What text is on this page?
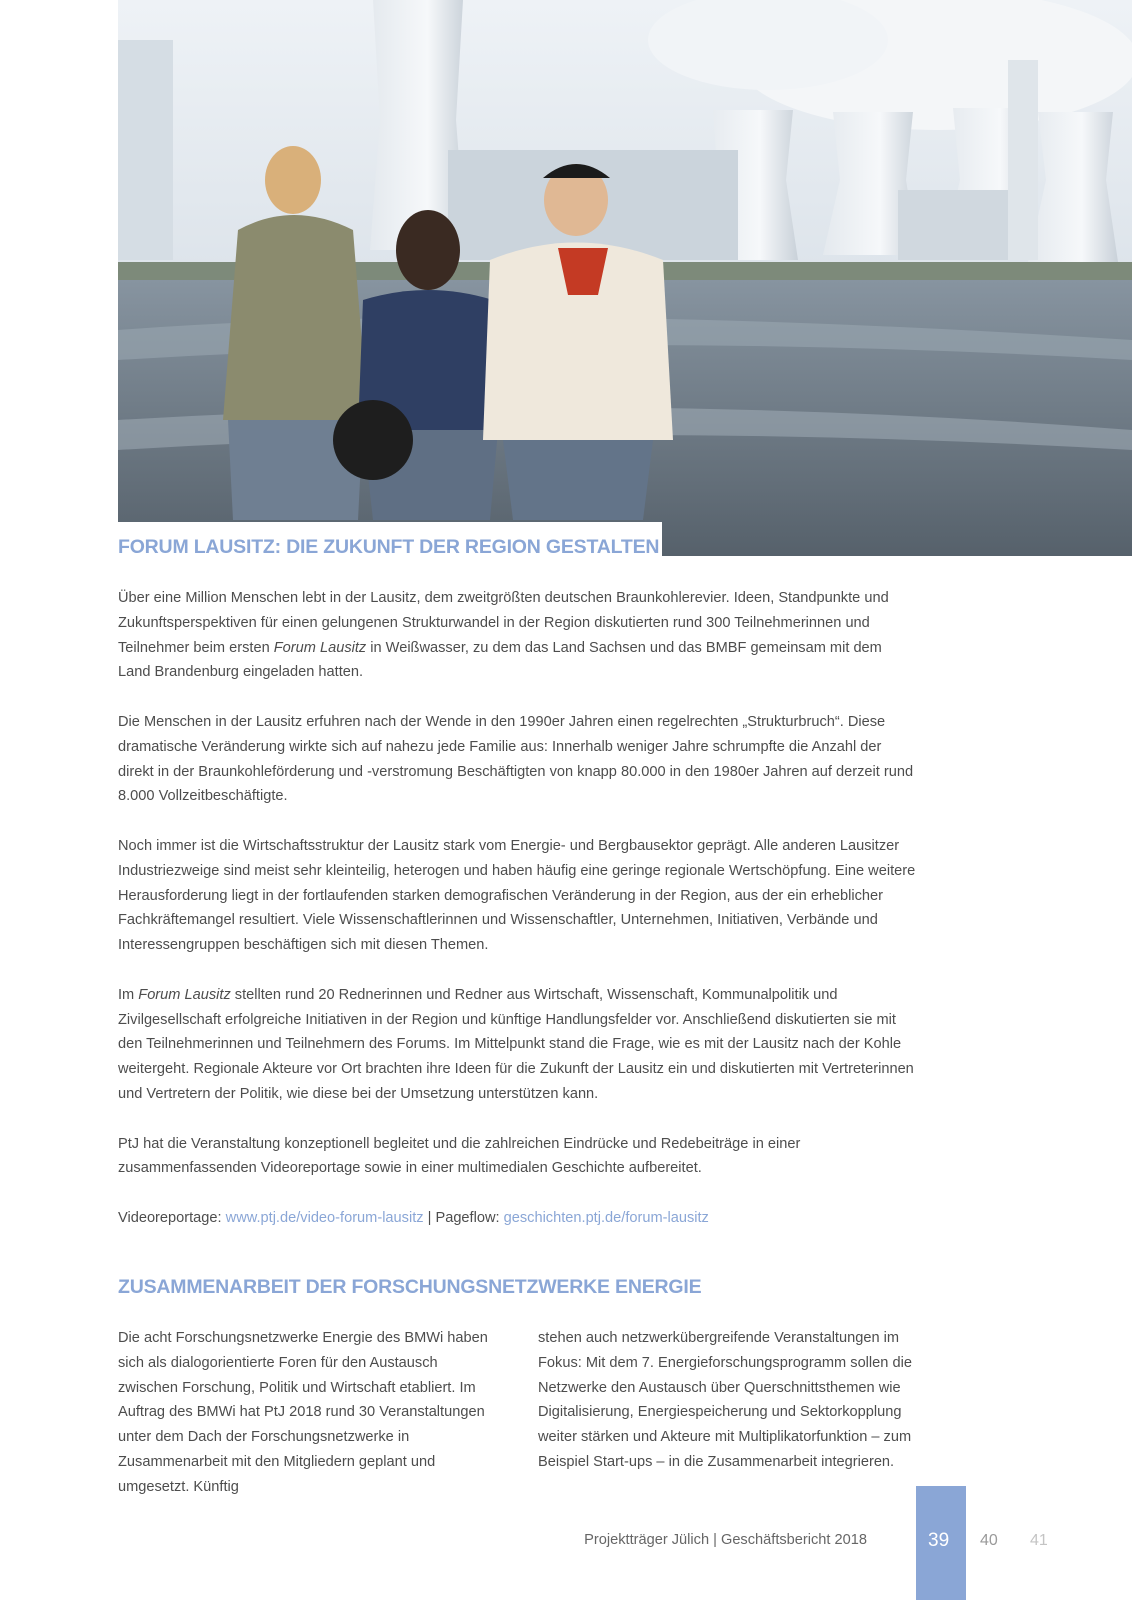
FORUM LAUSITZ: DIE ZUKUNFT DER REGION GESTALTEN

Über eine Million Menschen lebt in der Lausitz, dem zweitgrößten deutschen Braunkohlerevier. Ideen, Standpunkte und Zukunftsperspektiven für einen gelungenen Strukturwandel in der Region diskutierten rund 300 Teilnehmerinnen und Teilnehmer beim ersten Forum Lausitz in Weißwasser, zu dem das Land Sachsen und das BMBF gemeinsam mit dem Land Brandenburg eingeladen hatten.

Die Menschen in der Lausitz erfuhren nach der Wende in den 1990er Jahren einen regelrechten „Strukturbruch“. Diese dramatische Veränderung wirkte sich auf nahezu jede Familie aus: Innerhalb weniger Jahre schrumpfte die Anzahl der direkt in der Braunkohleförderung und -verstromung Beschäftigten von knapp 80.000 in den 1980er Jahren auf derzeit rund 8.000 Vollzeitbeschäftigte.

Noch immer ist die Wirtschaftsstruktur der Lausitz stark vom Energie- und Bergbausektor geprägt. Alle anderen Lausitzer Industriezweige sind meist sehr kleinteilig, heterogen und haben häufig eine geringe regionale Wertschöpfung. Eine weitere Herausforderung liegt in der fortlaufenden starken demografischen Veränderung in der Region, aus der ein erheblicher Fachkräftemangel resultiert. Viele Wissenschaftlerinnen und Wissenschaftler, Unternehmen, Initiativen, Verbände und Interessengruppen beschäftigen sich mit diesen Themen.

Im Forum Lausitz stellten rund 20 Rednerinnen und Redner aus Wirtschaft, Wissenschaft, Kommunalpolitik und Zivilgesellschaft erfolgreiche Initiativen in der Region und künftige Handlungsfelder vor. Anschließend diskutierten sie mit den Teilnehmerinnen und Teilnehmern des Forums. Im Mittelpunkt stand die Frage, wie es mit der Lausitz nach der Kohle weitergeht. Regionale Akteure vor Ort brachten ihre Ideen für die Zukunft der Lausitz ein und diskutierten mit Vertreterinnen und Vertretern der Politik, wie diese bei der Umsetzung unterstützen kann.

PtJ hat die Veranstaltung konzeptionell begleitet und die zahlreichen Eindrücke und Redebeiträge in einer zusammenfassenden Videoreportage sowie in einer multimedialen Geschichte aufbereitet.

Videoreportage: www.ptj.de/video-forum-lausitz | Pageflow: geschichten.ptj.de/forum-lausitz

ZUSAMMENARBEIT DER FORSCHUNGSNETZWERKE ENERGIE

Die acht Forschungsnetzwerke Energie des BMWi haben sich als dialogorientierte Foren für den Austausch zwischen Forschung, Politik und Wirtschaft etabliert. Im Auftrag des BMWi hat PtJ 2018 rund 30 Veranstaltungen unter dem Dach der Forschungsnetzwerke in Zusammenarbeit mit den Mitgliedern geplant und umgesetzt. Künftig

stehen auch netzwerkübergreifende Veranstaltungen im Fokus: Mit dem 7. Energieforschungsprogramm sollen die Netzwerke den Austausch über Querschnittsthemen wie Digitalisierung, Energiespeicherung und Sektorkopplung weiter stärken und Akteure mit Multiplikatorfunktion – zum Beispiel Start-ups – in die Zusammenarbeit integrieren.

Projektträger Jülich | Geschäftsbericht 2018	39 40 41
